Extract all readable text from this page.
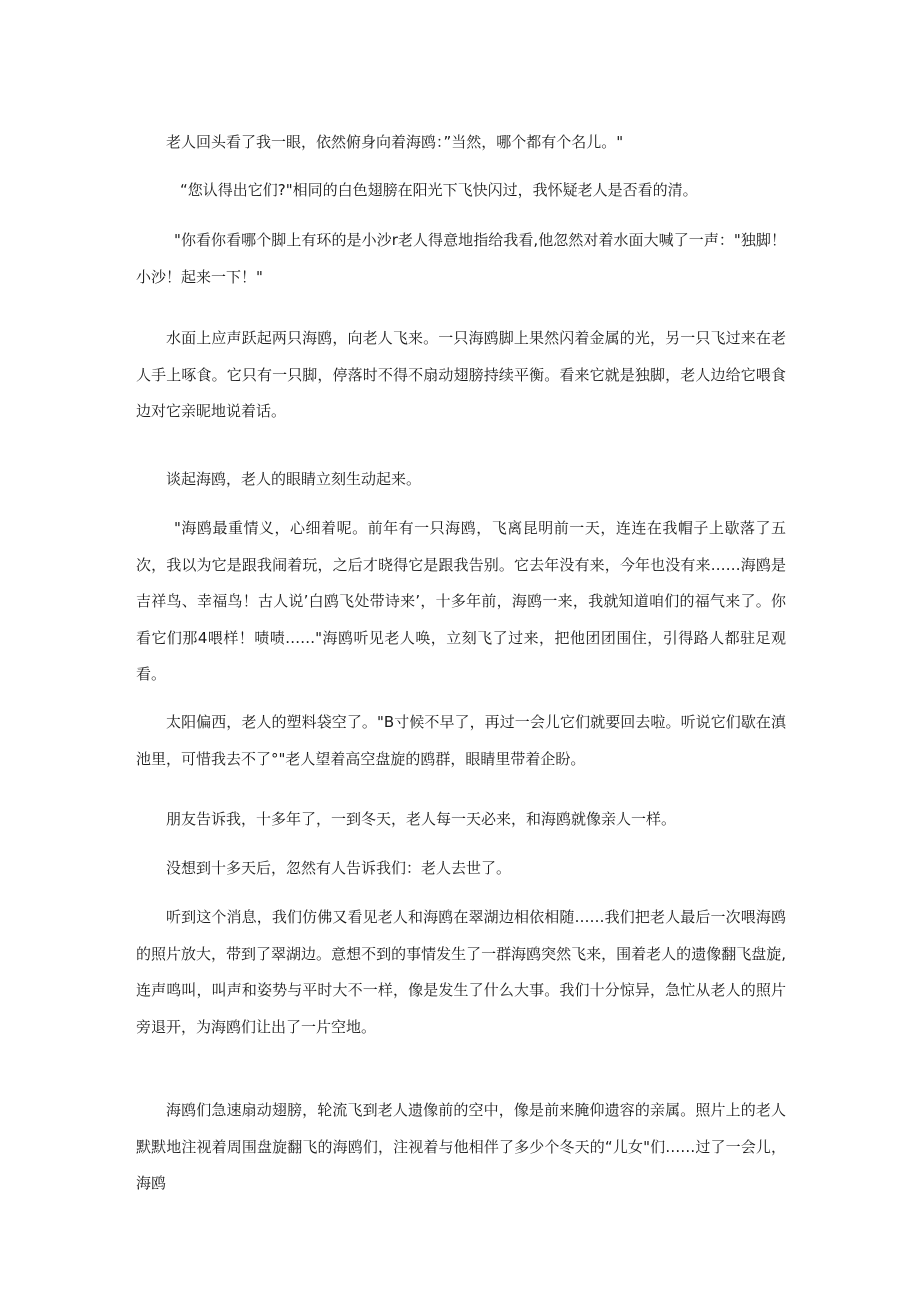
老人回头看了我一眼，依然俯身向着海鸥：”当然，哪个都有个名儿。"

“您认得出它们?"相同的白色翅膀在阳光下飞快闪过，我怀疑老人是否看的清。

"你看你看哪个脚上有环的是小沙r老人得意地指给我看,他忽然对着水面大喊了一声："独脚！小沙！起来一下！"

水面上应声跃起两只海鸥，向老人飞来。一只海鸥脚上果然闪着金属的光，另一只飞过来在老人手上啄食。它只有一只脚，停落时不得不扇动翅膀持续平衡。看来它就是独脚，老人边给它喂食边对它亲昵地说着话。

谈起海鸥，老人的眼睛立刻生动起来。

"海鸥最重情义，心细着呢。前年有一只海鸥，飞离昆明前一天，连连在我帽子上歇落了五次，我以为它是跟我闹着玩，之后才晓得它是跟我告别。它去年没有来，今年也没有来……海鸥是吉祥鸟、幸福鸟！古人说’白鸥飞处带诗来’，十多年前，海鸥一来，我就知道咱们的福气来了。你看它们那4喂样！啧啧……"海鸥听见老人唤，立刻飞了过来，把他团团围住，引得路人都驻足观看。

太阳偏西，老人的塑料袋空了。"B寸候不早了，再过一会儿它们就要回去啦。听说它们歇在滇池里，可惜我去不了°"老人望着高空盘旋的鸥群，眼睛里带着企盼。

朋友告诉我，十多年了，一到冬天，老人每一天必来，和海鸥就像亲人一样。

没想到十多天后，忽然有人告诉我们：老人去世了。

听到这个消息，我们仿佛又看见老人和海鸥在翠湖边相依相随……我们把老人最后一次喂海鸥的照片放大，带到了翠湖边。意想不到的事情发生了一群海鸥突然飞来，围着老人的遗像翻飞盘旋,连声鸣叫，叫声和姿势与平时大不一样，像是发生了什么大事。我们十分惊异，急忙从老人的照片旁退开，为海鸥们让出了一片空地。

海鸥们急速扇动翅膀，轮流飞到老人遗像前的空中，像是前来腌仰遗容的亲属。照片上的老人默默地注视着周围盘旋翻飞的海鸥们，注视着与他相伴了多少个冬天的“儿女"们……过了一会儿，海鸥
